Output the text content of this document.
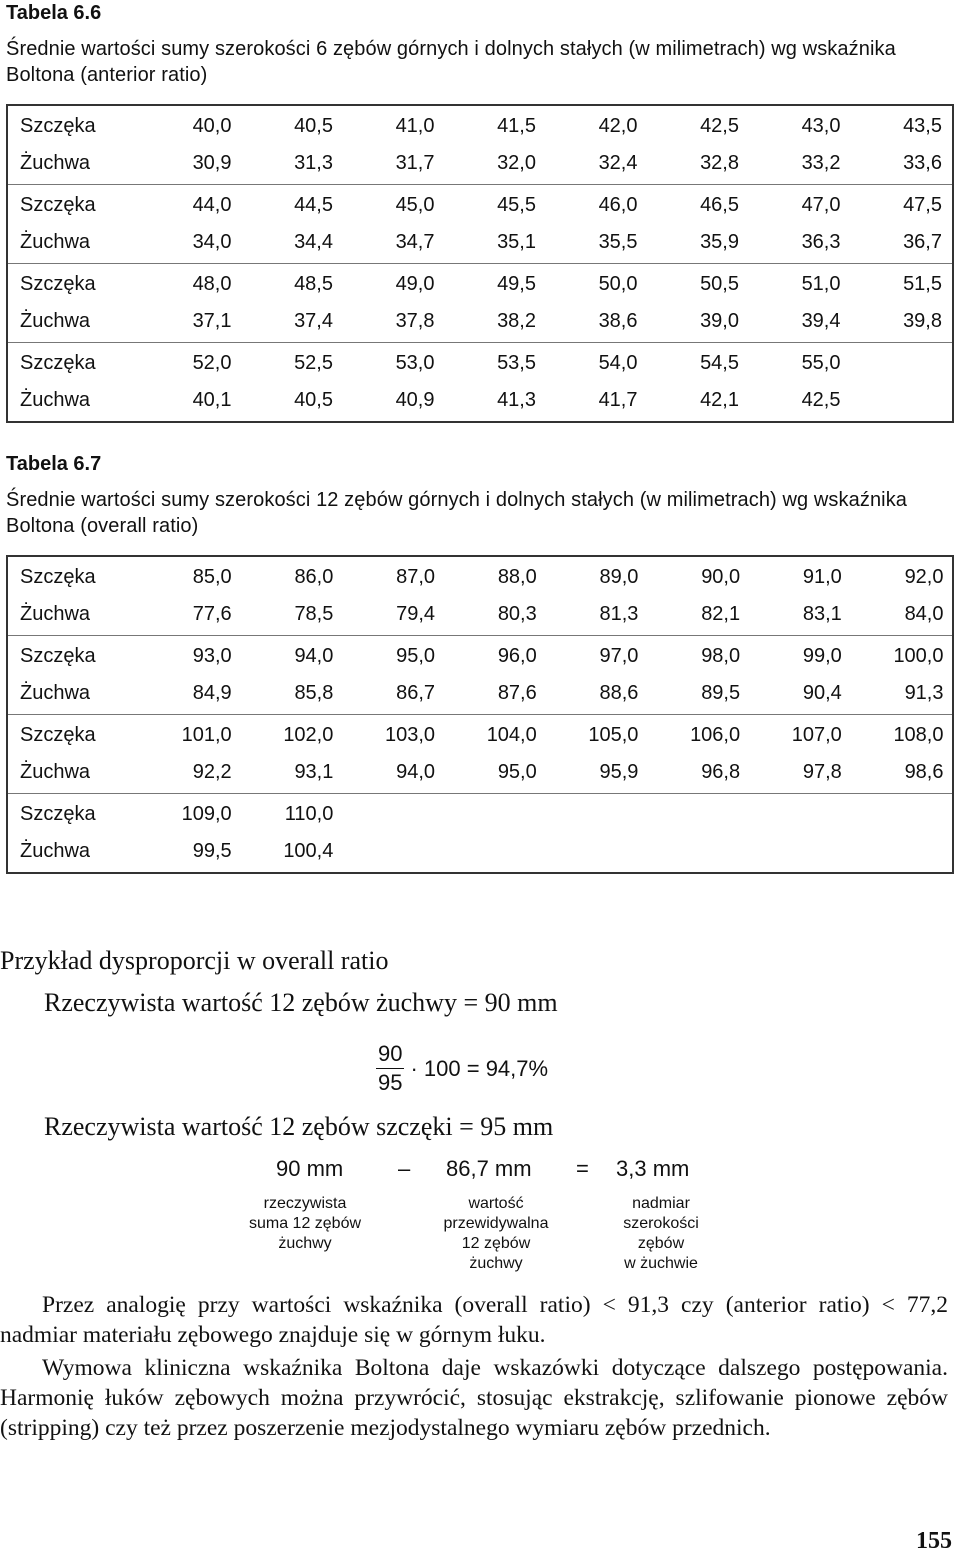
Tabela 6.6
Średnie wartości sumy szerokości 6 zębów górnych i dolnych stałych (w milimetrach) wg wskaźnika Boltona (anterior ratio)
Szczęka	40,0	40,5	41,0	41,5	42,0	42,5	43,0	43,5
Żuchwa	30,9	31,3	31,7	32,0	32,4	32,8	33,2	33,6
Szczęka	44,0	44,5	45,0	45,5	46,0	46,5	47,0	47,5
Żuchwa	34,0	34,4	34,7	35,1	35,5	35,9	36,3	36,7
Szczęka	48,0	48,5	49,0	49,5	50,0	50,5	51,0	51,5
Żuchwa	37,1	37,4	37,8	38,2	38,6	39,0	39,4	39,8
Szczęka	52,0	52,5	53,0	53,5	54,0	54,5	55,0
Żuchwa	40,1	40,5	40,9	41,3	41,7	42,1	42,5
Tabela 6.7
Średnie wartości sumy szerokości 12 zębów górnych i dolnych stałych (w milimetrach) wg wskaźnika Boltona (overall ratio)
Szczęka	85,0	86,0	87,0	88,0	89,0	90,0	91,0	92,0
Żuchwa	77,6	78,5	79,4	80,3	81,3	82,1	83,1	84,0
Szczęka	93,0	94,0	95,0	96,0	97,0	98,0	99,0	100,0
Żuchwa	84,9	85,8	86,7	87,6	88,6	89,5	90,4	91,3
Szczęka	101,0	102,0	103,0	104,0	105,0	106,0	107,0	108,0
Żuchwa	92,2	93,1	94,0	95,0	95,9	96,8	97,8	98,6
Szczęka	109,0	110,0
Żuchwa	99,5	100,4
Przykład dysproporcji w overall ratio
Rzeczywista wartość 12 zębów żuchwy = 90 mm
$\frac{90}{95} \cdot 100 = 94,7\%$
Rzeczywista wartość 12 zębów szczęki = 95 mm
90 mm – 86,7 mm = 3,3 mm
rzeczywista
suma 12 zębów
żuchwy
wartość
przewidywalna
12 zębów
żuchwy
nadmiar
szerokości
zębów
w żuchwie
Przez analogię przy wartości wskaźnika (overall ratio) < 91,3 czy (anterior ratio) < 77,2 nadmiar materiału zębowego znajduje się w górnym łuku.
Wymowa kliniczna wskaźnika Boltona daje wskazówki dotyczące dalszego postępowania. Harmonię łuków zębowych można przywrócić, stosując ekstrakcję, szlifowanie pionowe zębów (stripping) czy też przez poszerzenie mezjodystalnego wymiaru zębów przednich.
155
